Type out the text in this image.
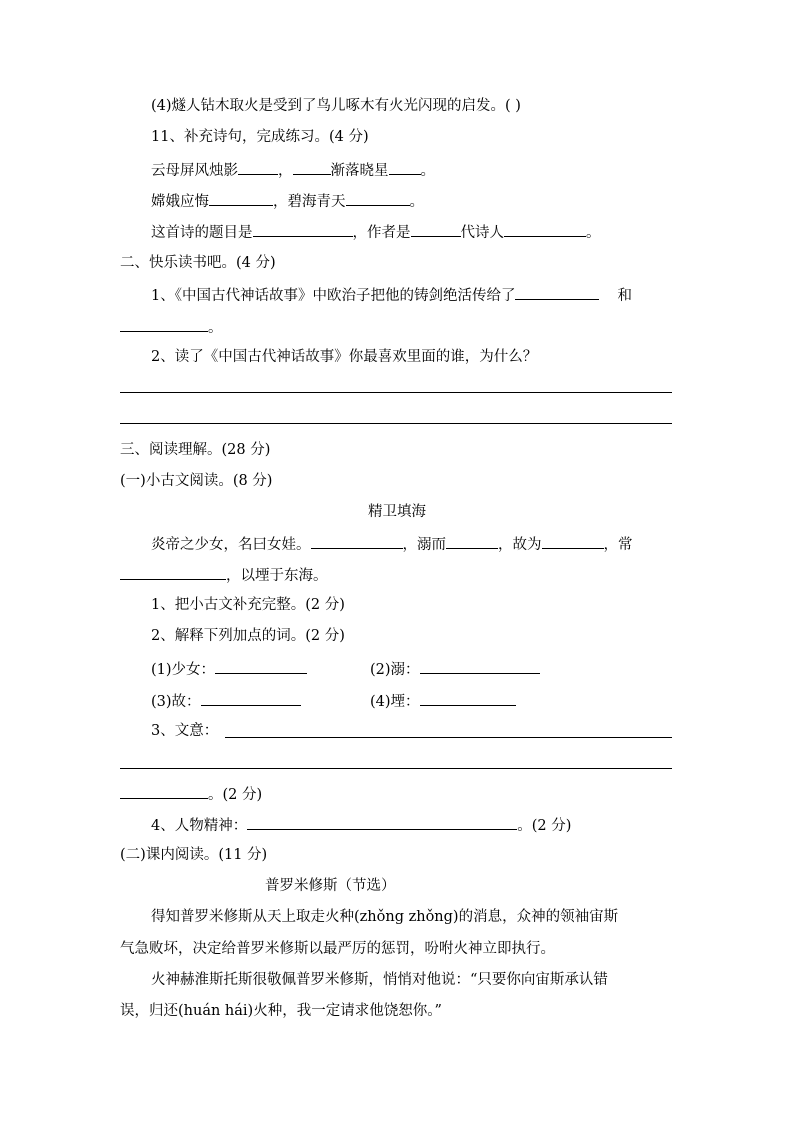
(4)燧人钻木取火是受到了鸟儿啄木有火光闪现的启发。( )
11、补充诗句，完成练习。(4 分)
云母屏风烛影	，	渐落晓星 。
嫦娥应悔	，碧海青天	。
这首诗的题目是	，作者是	代诗人	。
二、快乐读书吧。(4 分)
1、《中国古代神话故事》中欧治子把他的铸剑绝活传给了	和
。
2、读了《中国古代神话故事》你最喜欢里面的谁，为什么？
三、阅读理解。(28 分)
(一)小古文阅读。(8 分)
精卫填海
炎帝之少女，名曰女娃。	，溺而	，故为	，常
，以堙于东海。
1、把小古文补充完整。(2 分)
2、解释下列加点的词。(2 分)
(1)少女：	(2)溺：
(3)故：	(4)堙：
3、文意：
。(2 分)
4、人物精神：	。(2 分)
(二)课内阅读。(11 分)
普罗米修斯（节选）
得知普罗米修斯从天上取走火种(zhǒng zhǒng)的消息，众神的领袖宙斯
气急败坏，决定给普罗米修斯以最严厉的惩罚，吩咐火神立即执行。
火神赫淮斯托斯很敬佩普罗米修斯，悄悄对他说：“只要你向宙斯承认错
误，归还(huán hái)火种，我一定请求他饶恕你。”
